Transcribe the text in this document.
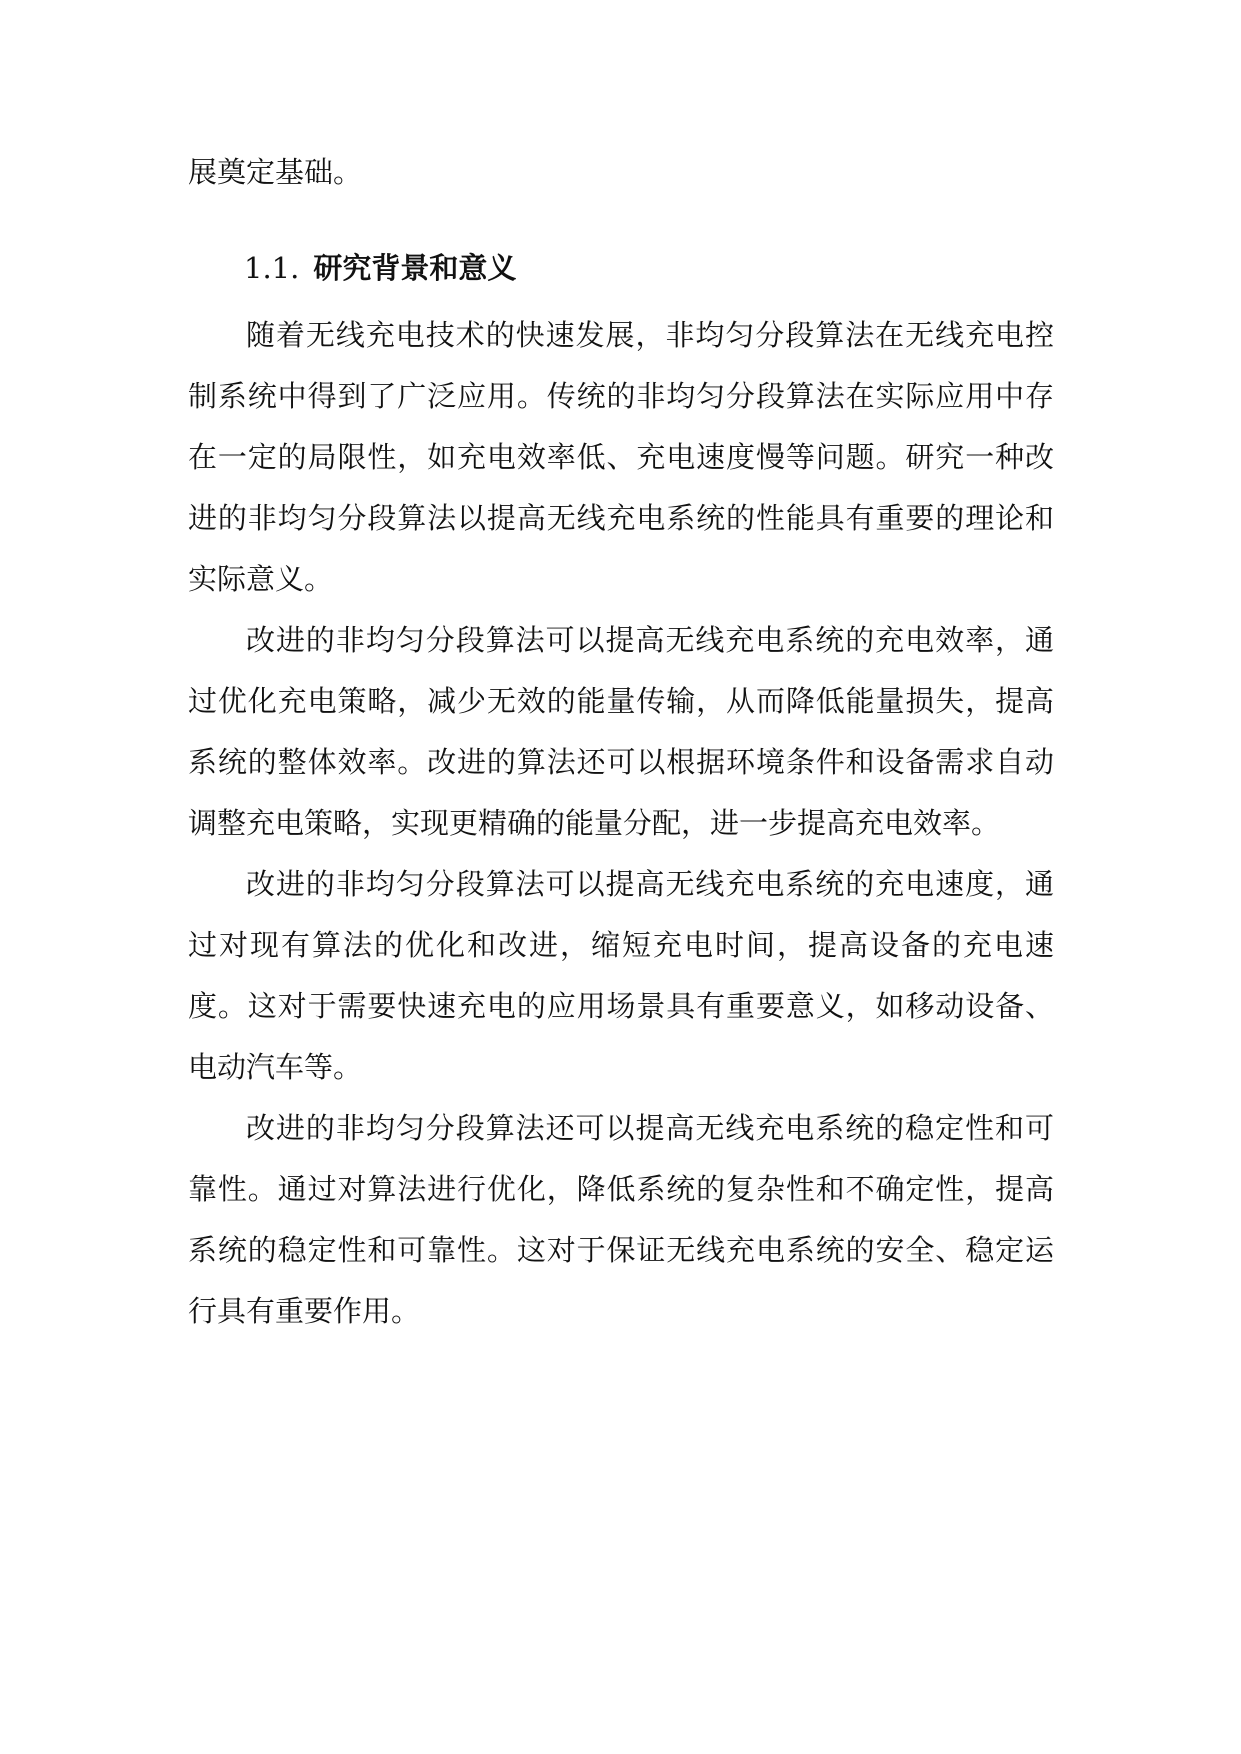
展奠定基础。

1.1. 研究背景和意义

随着无线充电技术的快速发展，非均匀分段算法在无线充电控制系统中得到了广泛应用。传统的非均匀分段算法在实际应用中存在一定的局限性，如充电效率低、充电速度慢等问题。研究一种改进的非均匀分段算法以提高无线充电系统的性能具有重要的理论和实际意义。

改进的非均匀分段算法可以提高无线充电系统的充电效率，通过优化充电策略，减少无效的能量传输，从而降低能量损失，提高系统的整体效率。改进的算法还可以根据环境条件和设备需求自动调整充电策略，实现更精确的能量分配，进一步提高充电效率。

改进的非均匀分段算法可以提高无线充电系统的充电速度，通过对现有算法的优化和改进，缩短充电时间，提高设备的充电速度。这对于需要快速充电的应用场景具有重要意义，如移动设备、电动汽车等。

改进的非均匀分段算法还可以提高无线充电系统的稳定性和可靠性。通过对算法进行优化，降低系统的复杂性和不确定性，提高系统的稳定性和可靠性。这对于保证无线充电系统的安全、稳定运行具有重要作用。
